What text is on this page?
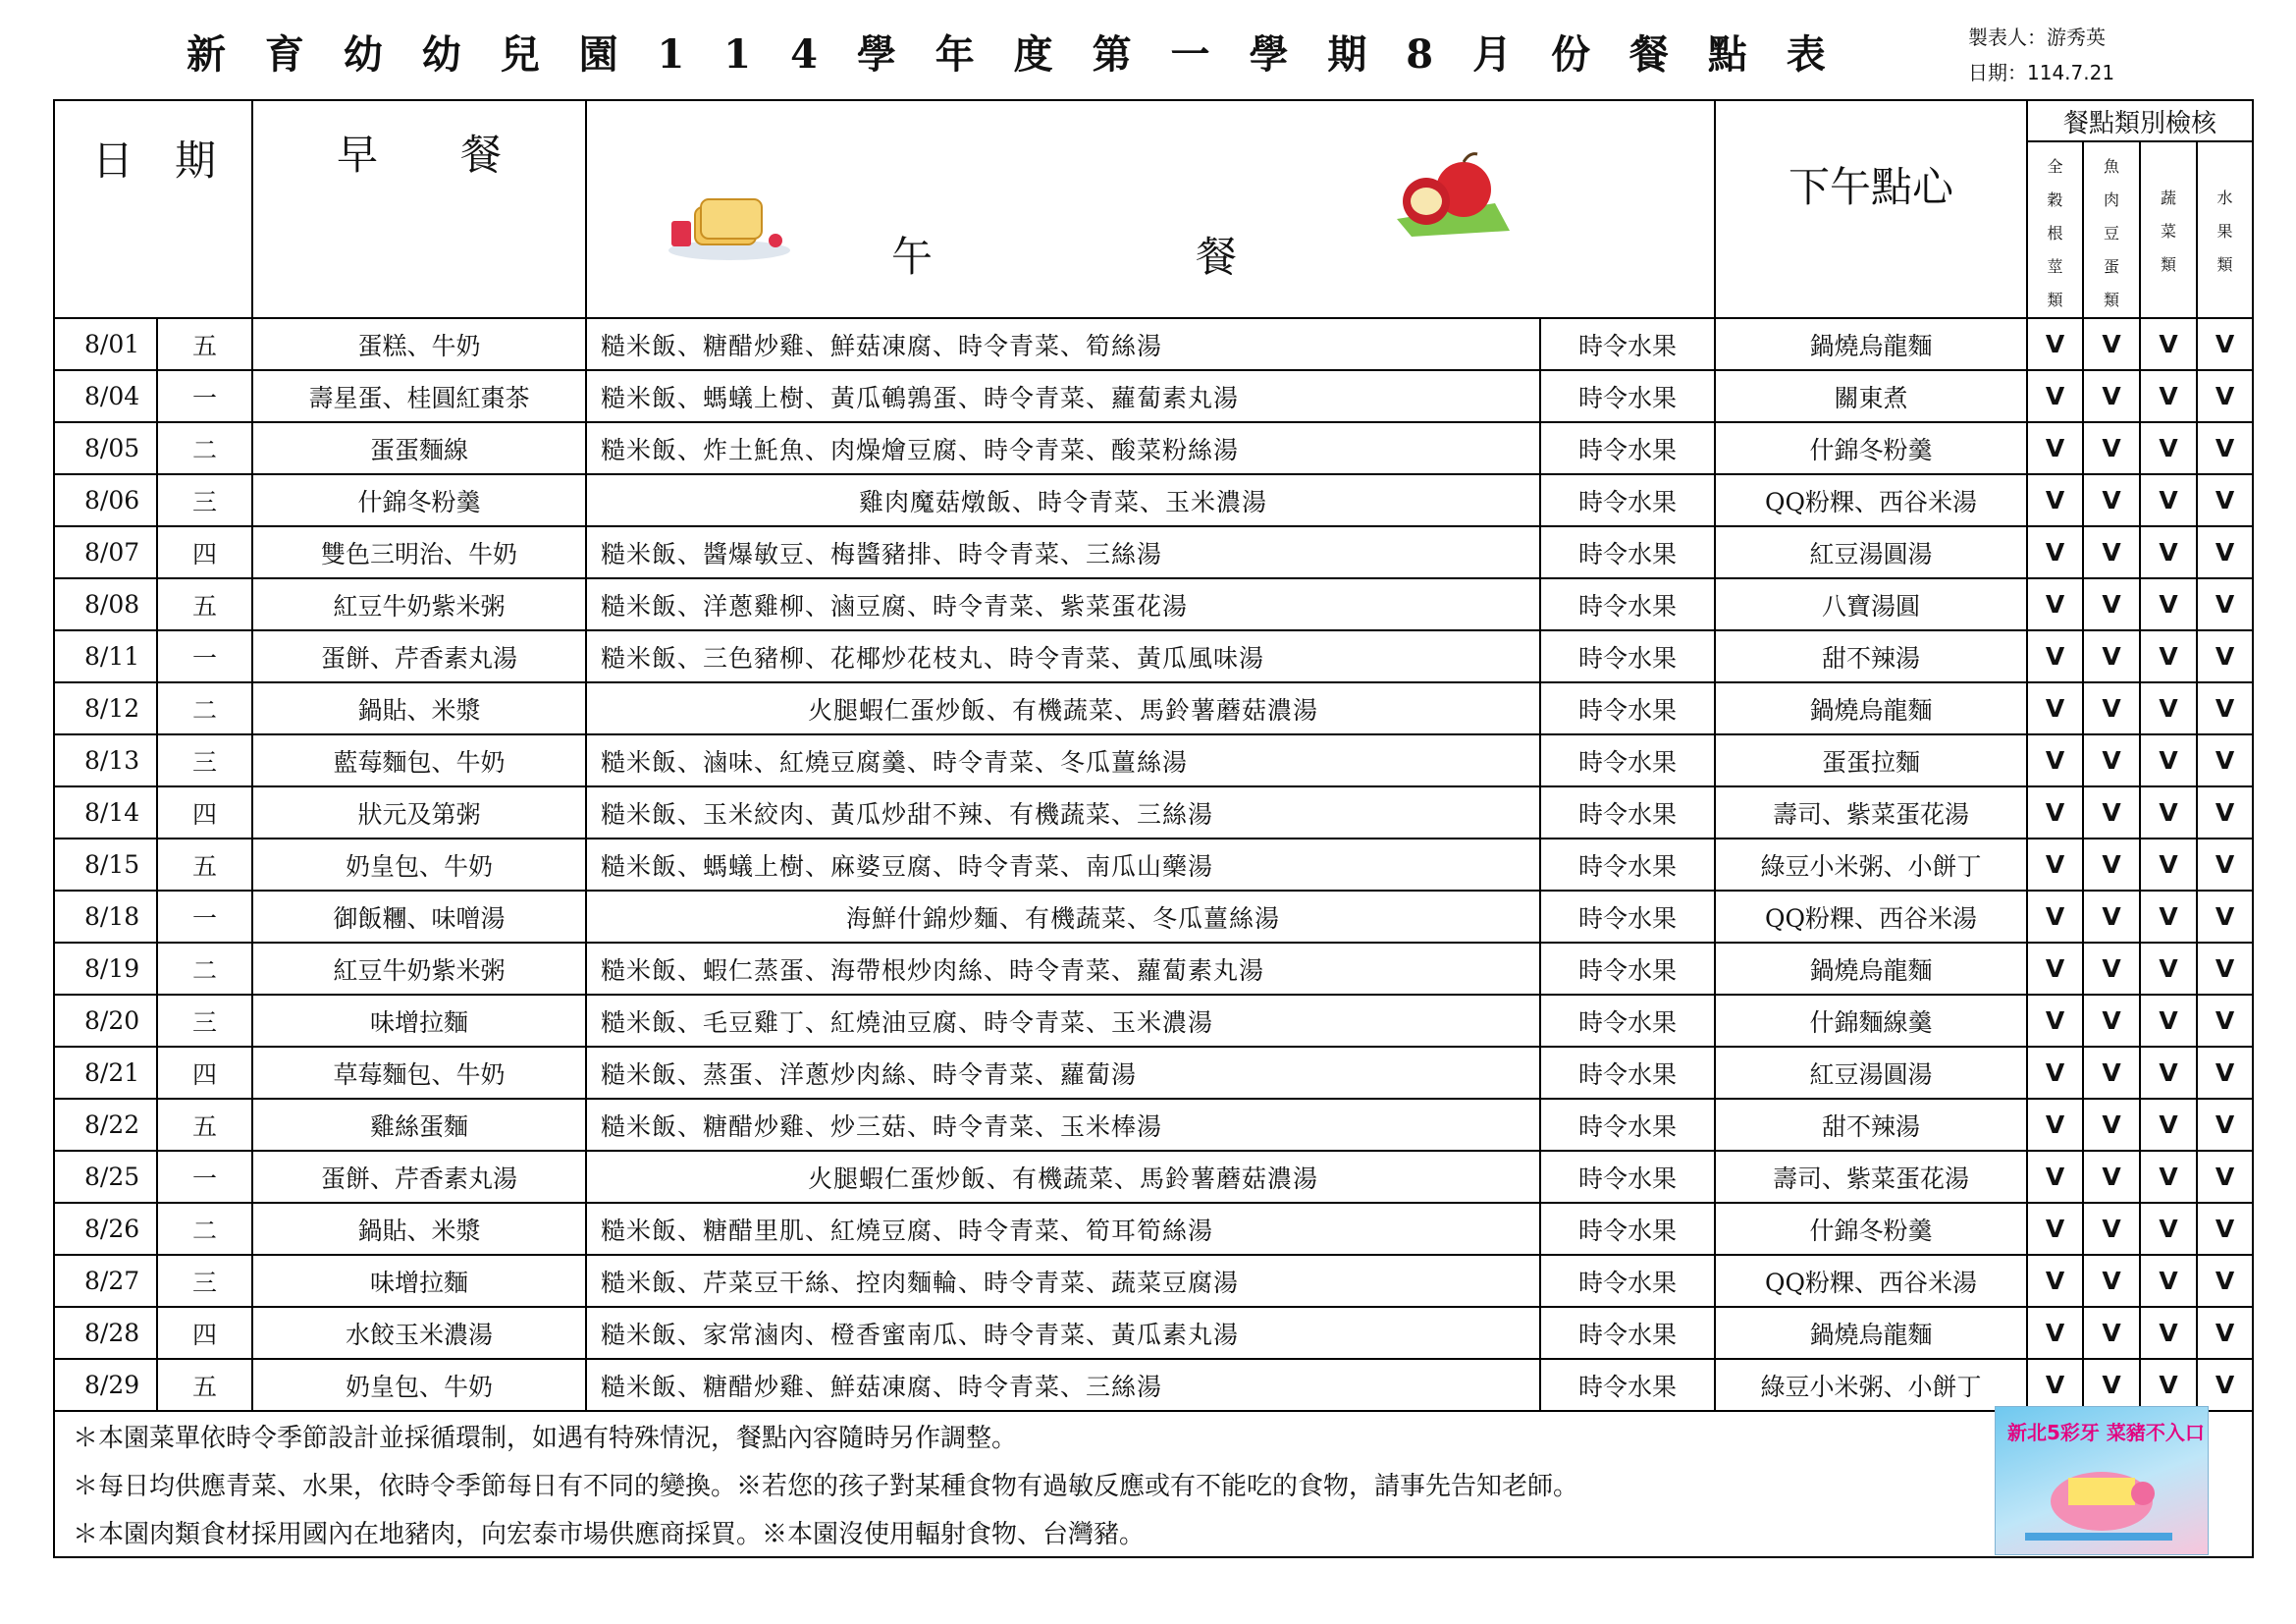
新 育 幼 幼 兒 園 1 1 4 學 年 度 第 一 學 期 8 月 份 餐 點 表	製表人：游秀英
日期：114.7.21
日　期		早　　餐	午 餐		下午點心	餐點類別檢核			

						全
穀
根
莖
類	魚
肉
豆
蛋
類	蔬
菜
類	水
果
類

8/01	五	蛋糕、牛奶	糙米飯、糖醋炒雞、鮮菇凍腐、時令青菜、筍絲湯	時令水果	鍋燒烏龍麵	V	V	V	V
8/04	一	壽星蛋、桂圓紅棗茶	糙米飯、螞蟻上樹、黃瓜鵪鶉蛋、時令青菜、蘿蔔素丸湯	時令水果	關東煮	V	V	V	V
8/05	二	蛋蛋麵線	糙米飯、炸土魠魚、肉燥燴豆腐、時令青菜、酸菜粉絲湯	時令水果	什錦冬粉羹	V	V	V	V
8/06	三	什錦冬粉羹	雞肉魔菇燉飯、時令青菜、玉米濃湯	時令水果	QQ粉粿、西谷米湯	V	V	V	V
8/07	四	雙色三明治、牛奶	糙米飯、醬爆敏豆、梅醬豬排、時令青菜、三絲湯	時令水果	紅豆湯圓湯	V	V	V	V
8/08	五	紅豆牛奶紫米粥	糙米飯、洋蔥雞柳、滷豆腐、時令青菜、紫菜蛋花湯	時令水果	八寶湯圓	V	V	V	V
8/11	一	蛋餅、芹香素丸湯	糙米飯、三色豬柳、花椰炒花枝丸、時令青菜、黃瓜風味湯	時令水果	甜不辣湯	V	V	V	V
8/12	二	鍋貼、米漿	火腿蝦仁蛋炒飯、有機蔬菜、馬鈴薯蘑菇濃湯	時令水果	鍋燒烏龍麵	V	V	V	V
8/13	三	藍莓麵包、牛奶	糙米飯、滷味、紅燒豆腐羹、時令青菜、冬瓜薑絲湯	時令水果	蛋蛋拉麵	V	V	V	V
8/14	四	狀元及第粥	糙米飯、玉米絞肉、黃瓜炒甜不辣、有機蔬菜、三絲湯	時令水果	壽司、紫菜蛋花湯	V	V	V	V
8/15	五	奶皇包、牛奶	糙米飯、螞蟻上樹、麻婆豆腐、時令青菜、南瓜山藥湯	時令水果	綠豆小米粥、小餅丁	V	V	V	V
8/18	一	御飯糰、味噌湯	海鮮什錦炒麵、有機蔬菜、冬瓜薑絲湯	時令水果	QQ粉粿、西谷米湯	V	V	V	V
8/19	二	紅豆牛奶紫米粥	糙米飯、蝦仁蒸蛋、海帶根炒肉絲、時令青菜、蘿蔔素丸湯	時令水果	鍋燒烏龍麵	V	V	V	V
8/20	三	味增拉麵	糙米飯、毛豆雞丁、紅燒油豆腐、時令青菜、玉米濃湯	時令水果	什錦麵線羹	V	V	V	V
8/21	四	草莓麵包、牛奶	糙米飯、蒸蛋、洋蔥炒肉絲、時令青菜、蘿蔔湯	時令水果	紅豆湯圓湯	V	V	V	V
8/22	五	雞絲蛋麵	糙米飯、糖醋炒雞、炒三菇、時令青菜、玉米棒湯	時令水果	甜不辣湯	V	V	V	V
8/25	一	蛋餅、芹香素丸湯	火腿蝦仁蛋炒飯、有機蔬菜、馬鈴薯蘑菇濃湯	時令水果	壽司、紫菜蛋花湯	V	V	V	V
8/26	二	鍋貼、米漿	糙米飯、糖醋里肌、紅燒豆腐、時令青菜、筍耳筍絲湯	時令水果	什錦冬粉羹	V	V	V	V
8/27	三	味增拉麵	糙米飯、芹菜豆干絲、控肉麵輪、時令青菜、蔬菜豆腐湯	時令水果	QQ粉粿、西谷米湯	V	V	V	V
8/28	四	水餃玉米濃湯	糙米飯、家常滷肉、橙香蜜南瓜、時令青菜、黃瓜素丸湯	時令水果	鍋燒烏龍麵	V	V	V	V
8/29	五	奶皇包、牛奶	糙米飯、糖醋炒雞、鮮菇凍腐、時令青菜、三絲湯	時令水果	綠豆小米粥、小餅丁	V	V	V	V
＊本園菜單依時令季節設計並採循環制，如遇有特殊情況，餐點內容隨時另作調整。									
＊每日均供應青菜、水果，依時令季節每日有不同的變換。※若您的孩子對某種食物有過敏反應或有不能吃的食物，請事先告知老師。									
＊本園肉類食材採用國內在地豬肉，向宏泰市場供應商採買。※本園沒使用輻射食物、台灣豬。									
新北5彩牙 菜豬不入口
